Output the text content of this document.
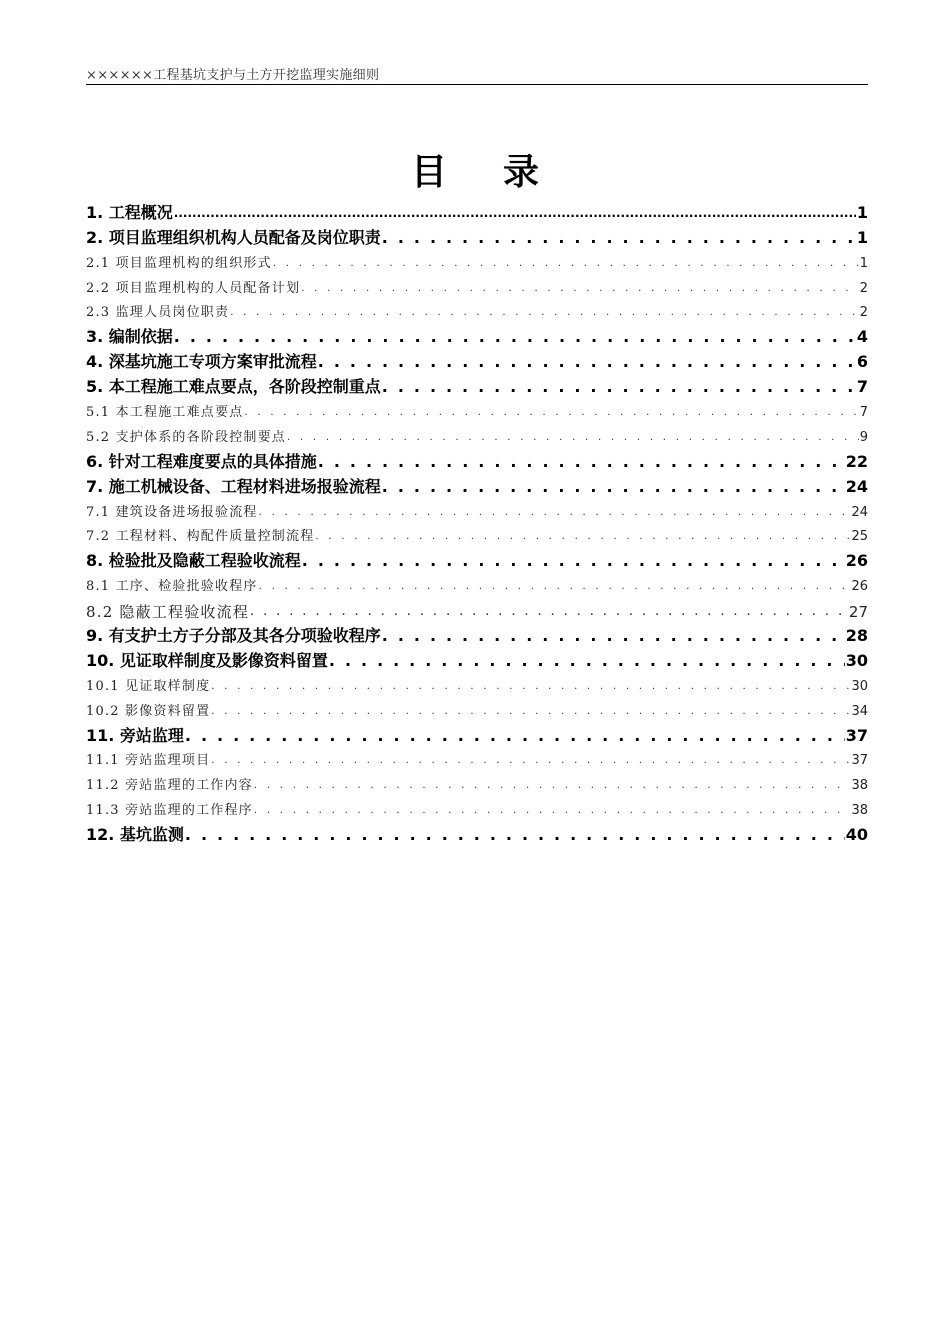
××××××工程基坑支护与土方开挖监理实施细则
目录
1. 工程概况 .....	1
2. 项目监理组织机构人员配备及岗位职责 . . .	1
2.1 项目监理机构的组织形式 . . .	1
2.2 项目监理机构的人员配备计划 . . .	2
2.3 监理人员岗位职责 . . .	2
3. 编制依据 . . .	4
4. 深基坑施工专项方案审批流程 . . .	6
5. 本工程施工难点要点，各阶段控制重点 . . .	7
5.1 本工程施工难点要点 . . .	7
5.2 支护体系的各阶段控制要点 . . .	9
6. 针对工程难度要点的具体措施 . . .	22
7. 施工机械设备、工程材料进场报验流程 . . .	24
7.1 建筑设备进场报验流程 . . .	24
7.2 工程材料、构配件质量控制流程 . . .	25
8. 检验批及隐蔽工程验收流程 . . .	26
8.1 工序、检验批验收程序 . . .	26
8.2 隐蔽工程验收流程 . . .	27
9. 有支护土方子分部及其各分项验收程序 . . .	28
10. 见证取样制度及影像资料留置 . . .	30
10.1 见证取样制度 . . .	30
10.2 影像资料留置 . . .	34
11. 旁站监理 . . .	37
11.1 旁站监理项目 . . .	37
11.2 旁站监理的工作内容 . . .	38
11.3 旁站监理的工作程序 . . .	38
12. 基坑监测 . . .	40
